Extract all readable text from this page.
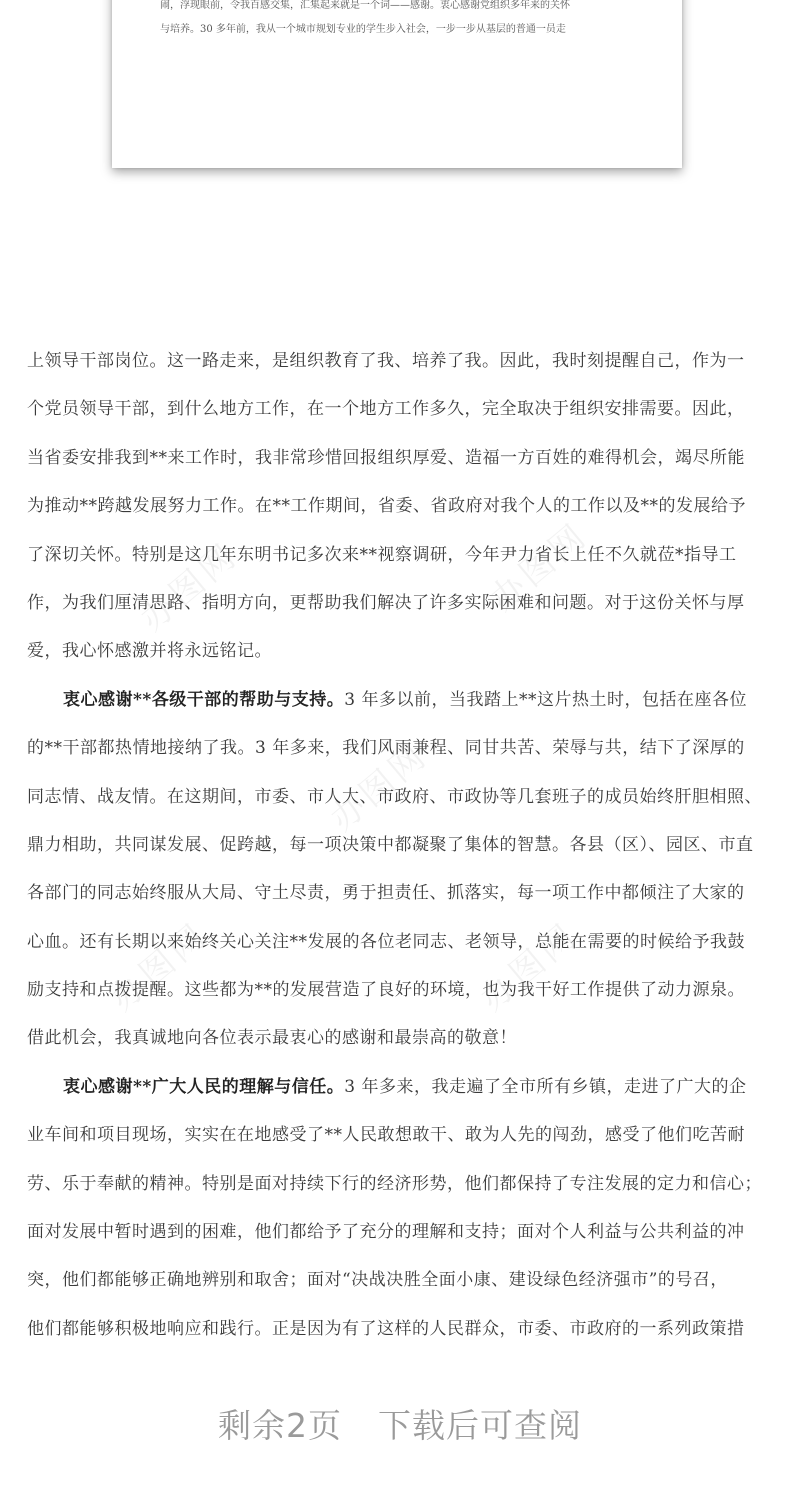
闹，浮现眼前，令我百感交集，汇集起来就是一个词——感谢。衷心感谢党组织多年来的关怀
与培养。30 多年前，我从一个城市规划专业的学生步入社会，一步一步从基层的普通一员走
办图网	办图网
办图网
办图网	办图网
上领导干部岗位。这一路走来，是组织教育了我、培养了我。因此，我时刻提醒自己，作为一
个党员领导干部，到什么地方工作，在一个地方工作多久，完全取决于组织安排需要。因此，
当省委安排我到**来工作时，我非常珍惜回报组织厚爱、造福一方百姓的难得机会，竭尽所能
为推动**跨越发展努力工作。在**工作期间，省委、省政府对我个人的工作以及**的发展给予
了深切关怀。特别是这几年东明书记多次来**视察调研，今年尹力省长上任不久就莅*指导工
作，为我们厘清思路、指明方向，更帮助我们解决了许多实际困难和问题。对于这份关怀与厚
爱，我心怀感激并将永远铭记。
衷心感谢**各级干部的帮助与支持。3 年多以前，当我踏上**这片热土时，包括在座各位
的**干部都热情地接纳了我。3 年多来，我们风雨兼程、同甘共苦、荣辱与共，结下了深厚的
同志情、战友情。在这期间，市委、市人大、市政府、市政协等几套班子的成员始终肝胆相照、
鼎力相助，共同谋发展、促跨越，每一项决策中都凝聚了集体的智慧。各县（区）、园区、市直
各部门的同志始终服从大局、守土尽责，勇于担责任、抓落实，每一项工作中都倾注了大家的
心血。还有长期以来始终关心关注**发展的各位老同志、老领导，总能在需要的时候给予我鼓
励支持和点拨提醒。这些都为**的发展营造了良好的环境，也为我干好工作提供了动力源泉。
借此机会，我真诚地向各位表示最衷心的感谢和最崇高的敬意！
衷心感谢**广大人民的理解与信任。3 年多来，我走遍了全市所有乡镇，走进了广大的企
业车间和项目现场，实实在在地感受了**人民敢想敢干、敢为人先的闯劲，感受了他们吃苦耐
劳、乐于奉献的精神。特别是面对持续下行的经济形势，他们都保持了专注发展的定力和信心；
面对发展中暂时遇到的困难，他们都给予了充分的理解和支持；面对个人利益与公共利益的冲
突，他们都能够正确地辨别和取舍；面对“决战决胜全面小康、建设绿色经济强市”的号召，
他们都能够积极地响应和践行。正是因为有了这样的人民群众，市委、市政府的一系列政策措
剩余2页 下载后可查阅
